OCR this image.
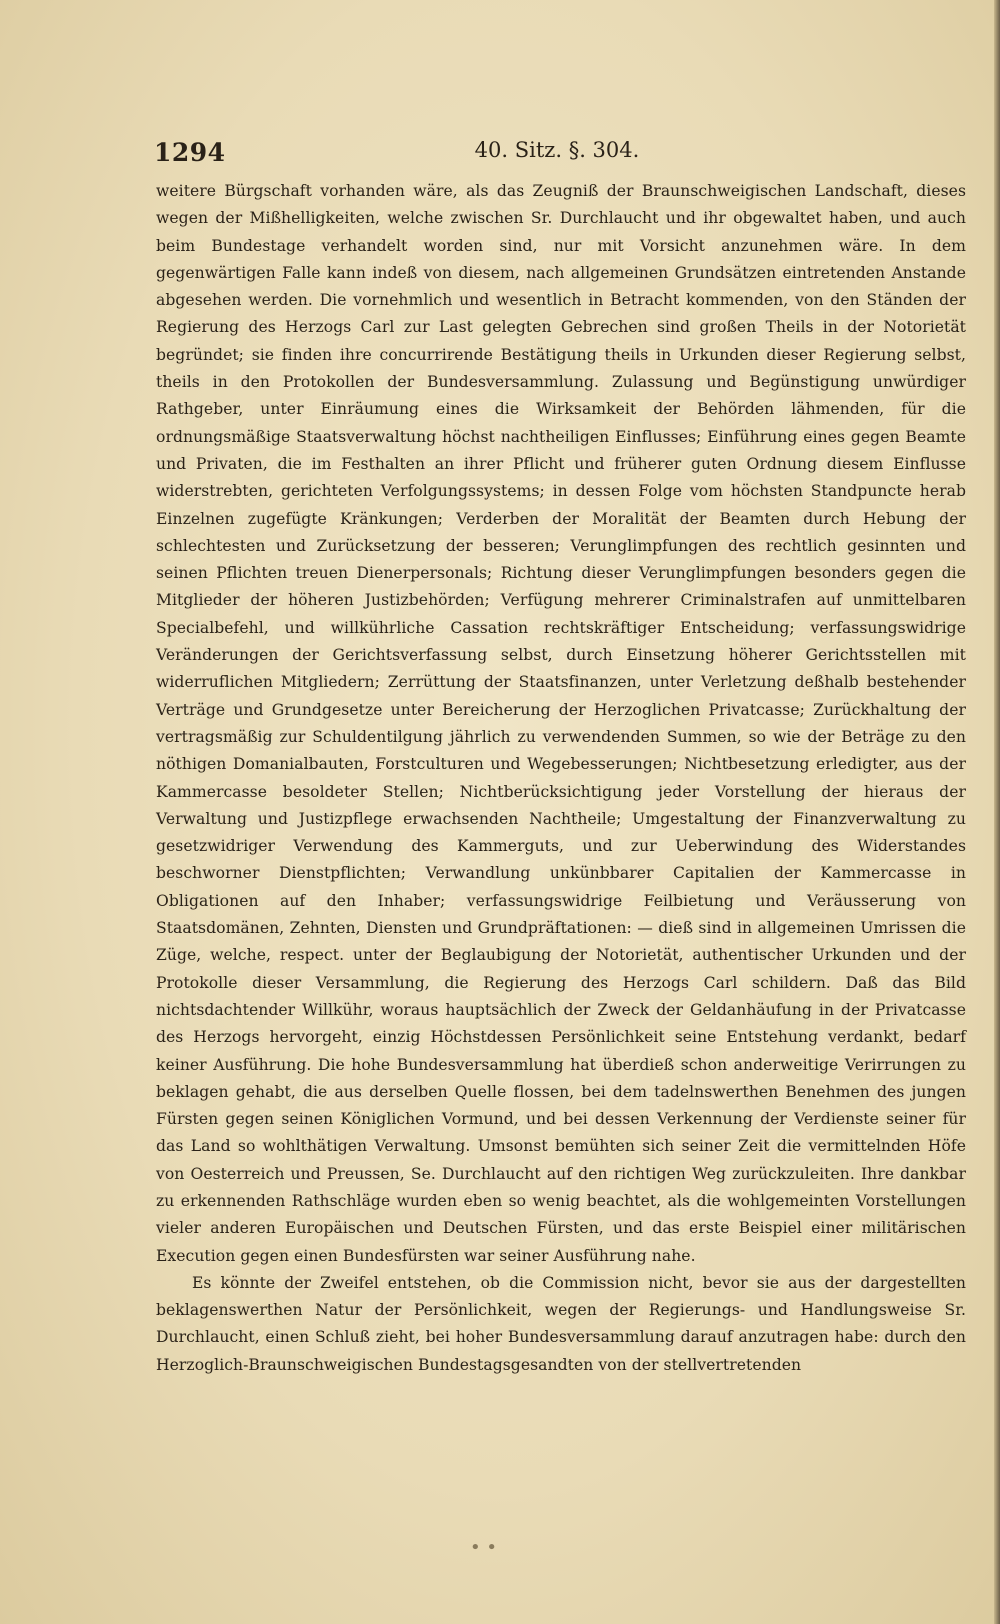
1294	40. Sitz. §. 304.

weitere Bürgschaft vorhanden wäre, als das Zeugniß der Braunschweigischen Landschaft, dieses wegen der Mißhelligkeiten, welche zwischen Sr. Durchlaucht und ihr obgewaltet haben, und auch beim Bundestage verhandelt worden sind, nur mit Vorsicht anzunehmen wäre. In dem gegenwärtigen Falle kann indeß von diesem, nach allgemeinen Grundsätzen eintretenden Anstande abgesehen werden. Die vornehmlich und wesentlich in Betracht kommenden, von den Ständen der Regierung des Herzogs Carl zur Last gelegten Gebrechen sind großen Theils in der Notorietät begründet; sie finden ihre concurrirende Bestätigung theils in Urkunden dieser Regierung selbst, theils in den Protokollen der Bundesversammlung. Zulassung und Begünstigung unwürdiger Rathgeber, unter Einräumung eines die Wirksamkeit der Behörden lähmenden, für die ordnungsmäßige Staatsverwaltung höchst nachtheiligen Einflusses; Einführung eines gegen Beamte und Privaten, die im Festhalten an ihrer Pflicht und früherer guten Ordnung diesem Einflusse widerstrebten, gerichteten Verfolgungssystems; in dessen Folge vom höchsten Standpuncte herab Einzelnen zugefügte Kränkungen; Verderben der Moralität der Beamten durch Hebung der schlechtesten und Zurücksetzung der besseren; Verunglimpfungen des rechtlich gesinnten und seinen Pflichten treuen Dienerpersonals; Richtung dieser Verunglimpfungen besonders gegen die Mitglieder der höheren Justizbehörden; Verfügung mehrerer Criminalstrafen auf unmittelbaren Specialbefehl, und willkührliche Cassation rechtskräftiger Entscheidung; verfassungswidrige Veränderungen der Gerichtsverfassung selbst, durch Einsetzung höherer Gerichtsstellen mit widerruflichen Mitgliedern; Zerrüttung der Staatsfinanzen, unter Verletzung deßhalb bestehender Verträge und Grundgesetze unter Bereicherung der Herzoglichen Privatcasse; Zurückhaltung der vertragsmäßig zur Schuldentilgung jährlich zu verwendenden Summen, so wie der Beträge zu den nöthigen Domanialbauten, Forstculturen und Wegebesserungen; Nichtbesetzung erledigter, aus der Kammercasse besoldeter Stellen; Nichtberücksichtigung jeder Vorstellung der hieraus der Verwaltung und Justizpflege erwachsenden Nachtheile; Umgestaltung der Finanzverwaltung zu gesetzwidriger Verwendung des Kammerguts, und zur Ueberwindung des Widerstandes beschworner Dienstpflichten; Verwandlung unkünbbarer Capitalien der Kammercasse in Obligationen auf den Inhaber; verfassungswidrige Feilbietung und Veräusserung von Staatsdomänen, Zehnten, Diensten und Grundpräftationen: — dieß sind in allgemeinen Umrissen die Züge, welche, respect. unter der Beglaubigung der Notorietät, authentischer Urkunden und der Protokolle dieser Versammlung, die Regierung des Herzogs Carl schildern. Daß das Bild nichtsdachtender Willkühr, woraus hauptsächlich der Zweck der Geldanhäufung in der Privatcasse des Herzogs hervorgeht, einzig Höchstdessen Persönlichkeit seine Entstehung verdankt, bedarf keiner Ausführung. Die hohe Bundesversammlung hat überdieß schon anderweitige Verirrungen zu beklagen gehabt, die aus derselben Quelle flossen, bei dem tadelnswerthen Benehmen des jungen Fürsten gegen seinen Königlichen Vormund, und bei dessen Verkennung der Verdienste seiner für das Land so wohlthätigen Verwaltung. Umsonst bemühten sich seiner Zeit die vermittelnden Höfe von Oesterreich und Preussen, Se. Durchlaucht auf den richtigen Weg zurückzuleiten. Ihre dankbar zu erkennenden Rathschläge wurden eben so wenig beachtet, als die wohlgemeinten Vorstellungen vieler anderen Europäischen und Deutschen Fürsten, und das erste Beispiel einer militärischen Execution gegen einen Bundesfürsten war seiner Ausführung nahe.

Es könnte der Zweifel entstehen, ob die Commission nicht, bevor sie aus der dargestellten beklagenswerthen Natur der Persönlichkeit, wegen der Regierungs- und Handlungsweise Sr. Durchlaucht, einen Schluß zieht, bei hoher Bundesversammlung darauf anzutragen habe: durch den Herzoglich-Braunschweigischen Bundestagsgesandten von der stellvertretenden

• •
